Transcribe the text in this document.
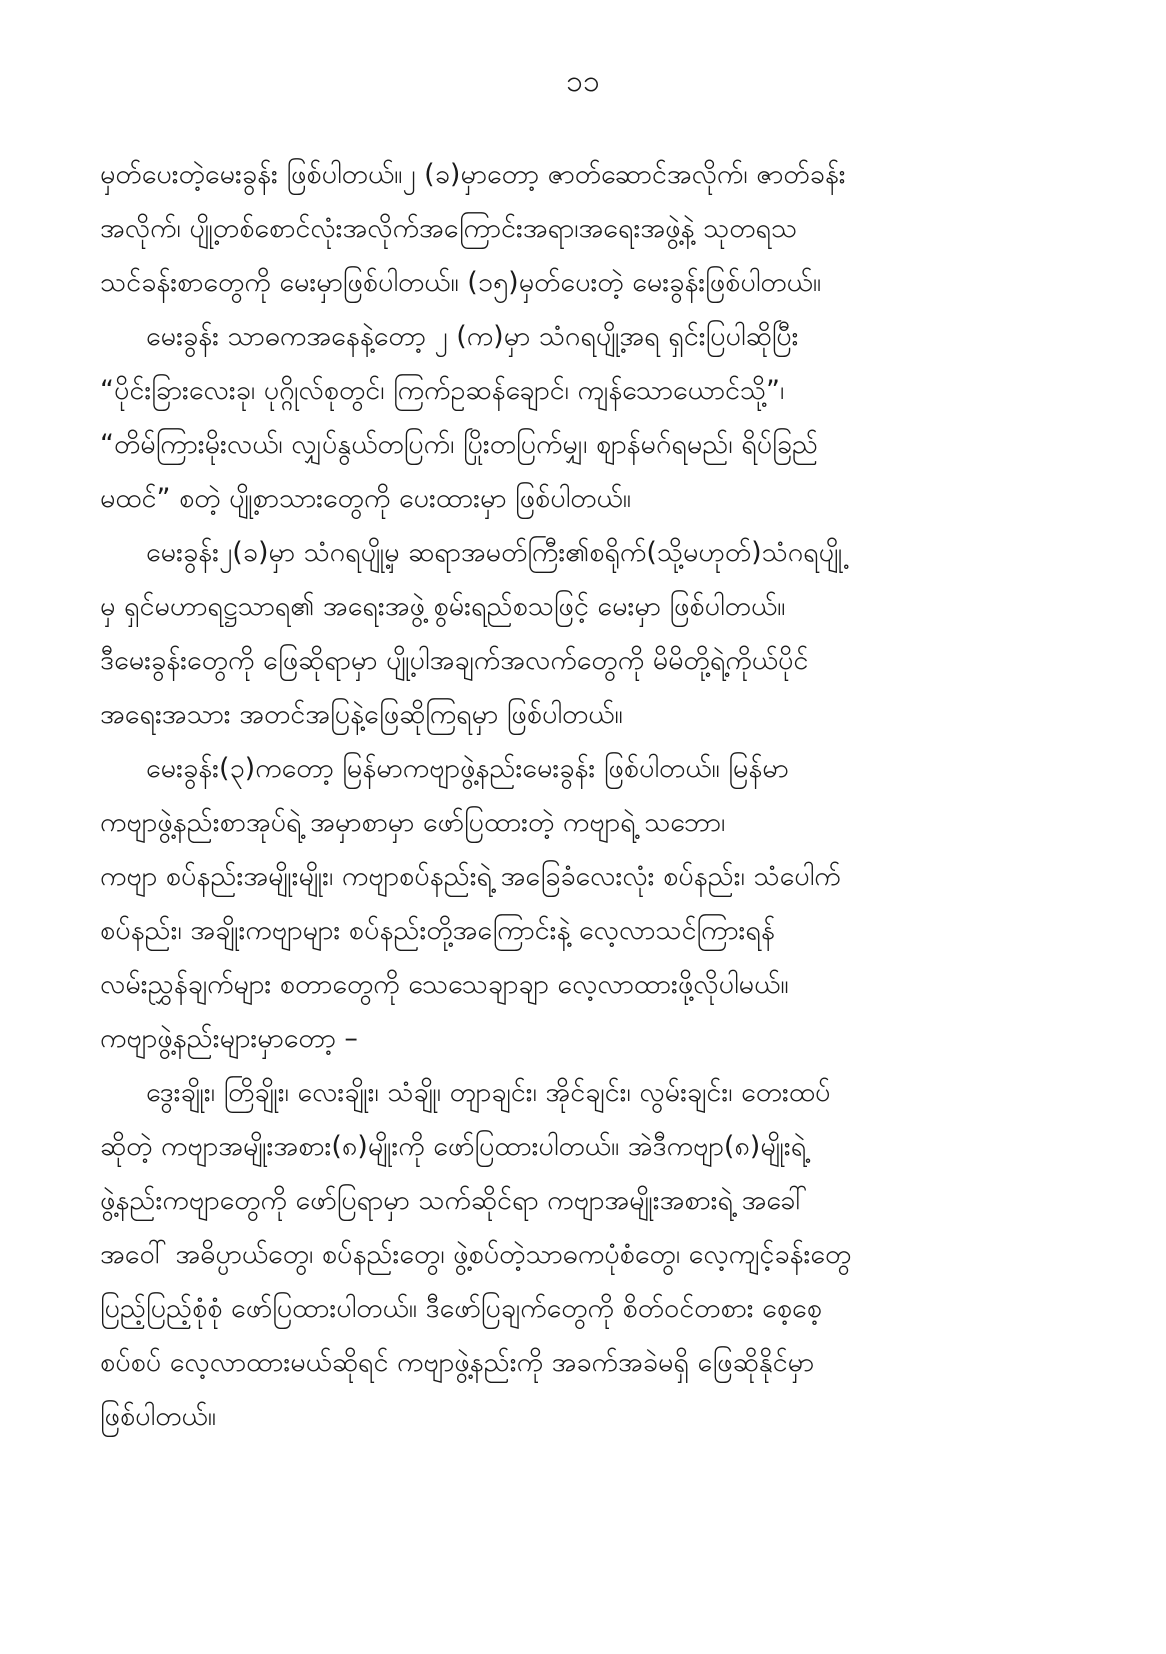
၁၁
မှတ်ပေးတဲ့မေးခွန်း ဖြစ်ပါတယ်။၂ (ခ)မှာတော့ ဇာတ်ဆောင်အလိုက်၊ ဇာတ်ခန်း
အလိုက်၊ ပျို့တစ်စောင်လုံးအလိုက်အကြောင်းအရာ၊အရေးအဖွဲ့နဲ့ သုတရသ
သင်ခန်းစာတွေကို မေးမှာဖြစ်ပါတယ်။ (၁၅)မှတ်ပေးတဲ့ မေးခွန်းဖြစ်ပါတယ်။
မေးခွန်း သာဓကအနေနဲ့တော့ ၂ (က)မှာ သံဂရပျို့အရ ရှင်းပြပါဆိုပြီး
“ပိုင်းခြားလေးခု၊ ပုဂ္ဂိုလ်စုတွင်၊ ကြက်ဥဆန်ချောင်၊ ကျန်သောယောင်သို့”၊
“တိမ်ကြားမိုးလယ်၊ လျှပ်နွယ်တပြက်၊ ပြိုးတပြက်မျှ၊ စျာန်မဂ်ရမည်၊ ရိပ်ခြည်
မထင်” စတဲ့ ပျို့စာသားတွေကို ပေးထားမှာ ဖြစ်ပါတယ်။
မေးခွန်း၂(ခ)မှာ သံဂရပျို့မှ ဆရာအမတ်ကြီး၏စရိုက်(သို့မဟုတ်)သံဂရပျို့
မှ ရှင်မဟာရဋ္ဌသာရ၏ အရေးအဖွဲ့ စွမ်းရည်စသဖြင့် မေးမှာ ဖြစ်ပါတယ်။
ဒီမေးခွန်းတွေကို ဖြေဆိုရာမှာ ပျို့ပါအချက်အလက်တွေကို မိမိတို့ရဲ့ကိုယ်ပိုင်
အရေးအသား အတင်အပြနဲ့ဖြေဆိုကြရမှာ ဖြစ်ပါတယ်။
မေးခွန်း(၃)ကတော့ မြန်မာကဗျာဖွဲ့နည်းမေးခွန်း ဖြစ်ပါတယ်။ မြန်မာ
ကဗျာဖွဲ့နည်းစာအုပ်ရဲ့ အမှာစာမှာ ဖော်ပြထားတဲ့ ကဗျာရဲ့ သဘော၊
ကဗျာ စပ်နည်းအမျိုးမျိုး၊ ကဗျာစပ်နည်းရဲ့ အခြေခံလေးလုံး စပ်နည်း၊ သံပေါက်
စပ်နည်း၊ အချိုးကဗျာများ စပ်နည်းတို့အကြောင်းနဲ့ လေ့လာသင်ကြားရန်
လမ်းညွှန်ချက်များ စတာတွေကို သေသေချာချာ လေ့လာထားဖို့လိုပါမယ်။
ကဗျာဖွဲ့နည်းများမှာတော့ –
ဒွေးချိုး၊ တြိချိုး၊ လေးချိုး၊ သံချို၊ တျာချင်း၊ အိုင်ချင်း၊ လွမ်းချင်း၊ တေးထပ်
ဆိုတဲ့ ကဗျာအမျိုးအစား(၈)မျိုးကို ဖော်ပြထားပါတယ်။ အဲဒီကဗျာ(၈)မျိုးရဲ့
ဖွဲ့နည်းကဗျာတွေကို ဖော်ပြရာမှာ သက်ဆိုင်ရာ ကဗျာအမျိုးအစားရဲ့ အခေါ်
အဝေါ် အဓိပ္ပာယ်တွေ၊ စပ်နည်းတွေ၊ ဖွဲ့စပ်တဲ့သာဓကပုံစံတွေ၊ လေ့ကျင့်ခန်းတွေ
ပြည့်ပြည့်စုံစုံ ဖော်ပြထားပါတယ်။ ဒီဖော်ပြချက်တွေကို စိတ်ဝင်တစား စေ့စေ့
စပ်စပ် လေ့လာထားမယ်ဆိုရင် ကဗျာဖွဲ့နည်းကို အခက်အခဲမရှိ ဖြေဆိုနိုင်မှာ
ဖြစ်ပါတယ်။
